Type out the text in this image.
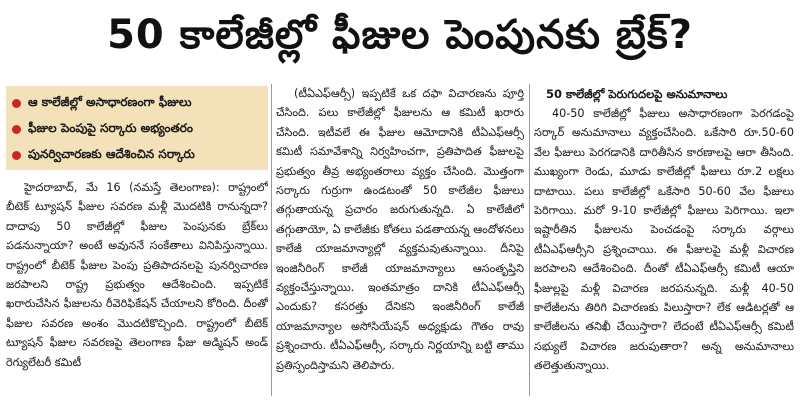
50 కాలేజీల్లో ఫీజుల పెంపునకు బ్రేక్?
ఆ కాలేజీల్లో అసాధారణంగా ఫీజులు
ఫీజుల పెంపుపై సర్కారు అభ్యంతరం
పునర్విచారణకు ఆదేశించిన సర్కారు

హైదరాబాద్, మే 16 (నమస్తే తెలంగాణ): రాష్ట్రంలో బీటెక్ ట్యూషన్ ఫీజుల సవరణ మళ్లీ మొదటికి రానున్నదా? దాదాపు 50 కాలేజీల్లో ఫీజుల పెంపునకు బ్రేక్‌లు పడనున్నాయా? అంటే అవుననే సంకేతాలు వినిపిస్తున్నాయి. రాష్ట్రంలో బీటెక్ ఫీజుల పెంపు ప్రతిపాదనలపై పునర్విచారణ జరపాలని రాష్ట్ర ప్రభుత్వం ఆదేశించింది. ఇప్పటికే ఖరారుచేసిన ఫీజులను రీవెరిఫికేషన్ చేయాలని కోరింది. దీంతో ఫీజుల సవరణ అంశం మొదటికొచ్చింది. రాష్ట్రంలో బీటెక్ ట్యూషన్ ఫీజుల సవరణపై తెలంగాణ ఫీజు అడ్మిషన్ అండ్ రెగ్యులేటరీ కమిటీ

(టీఏఎఫ్‌ఆర్సీ) ఇప్పటికే ఒక దఫా విచారణను పూర్తి చేసింది. పలు కాలేజీల్లో ఫీజులను ఆ కమిటీ ఖరారు చేసింది. ఇటీవలే ఈ ఫీజుల ఆమోదానికి టీఏఎఫ్‌ఆర్సీ కమిటీ సమావేశాన్ని నిర్వహించగా, ప్రతిపాదిత ఫీజులపై ప్రభుత్వం తీవ్ర అభ్యంతరాలు వ్యక్తం చేసింది. మొత్తంగా సర్కారు గుర్రుగా ఉండటంతో 50 కాలేజీల ఫీజులు తగ్గుతాయన్న ప్రచారం జరుగుతున్నది. ఏ కాలేజీలో తగ్గుతాయో, ఏ కాలేజీకు కోతలు పడతాయన్న ఆందోళనలు కాలేజీ యాజమాన్యాల్లో వ్యక్తమవుతున్నాయి. దీనిపై ఇంజినీరింగ్ కాలేజీ యాజమాన్యాలు ఆసంతృప్తిని వ్యక్తంచేస్తున్నాయి. ఇంతమాత్రం దానికి టీఏఎఫ్‌ఆర్సీ ఎందుకు? కసరత్తు దేనికని ఇంజినీరింగ్ కాలేజీ యాజమాన్యాల అసోసియేషన్ అధ్యక్షుడు గౌతం రావు ప్రశ్నించారు. టీఏఎఫ్‌ఆర్సీ, సర్కారు నిర్ణయాన్ని బట్టి తాము ప్రతిస్పందిస్తామని తెలిపారు.

50 కాలేజీల్లో పెరుగుదలపై అనుమానాలు

40-50 కాలేజీల్లో ఫీజులు అసాధారణంగా పెరగడంపై సర్కార్ అనుమానాలు వ్యక్తంచేసింది. ఒకేసారి రూ.50-60 వేల ఫీజులు పెరగడానికి దారితీసిన కారణాలపై ఆరా తీసింది. ముఖ్యంగా రెండు, మూడు కాలేజీల్లో ఫీజులు రూ.2 లక్షలు దాటాయి. పలు కాలేజీల్లో ఒకేసారి 50-60 వేల ఫీజులు పెరిగాయి. మరో 9-10 కాలేజీల్లో ఫీజులు పెరిగాయి. ఇలా ఇష్టారీతిన ఫీజులను పెంచడంపై సర్కారు వర్గాలు టీఏఎఫ్‌ఆర్సీని ప్రశ్నించాయి. ఈ ఫీజులపై మళ్లీ విచారణ జరపాలని ఆదేశించింది. దీంతో టీఏఎఫ్‌ఆర్సీ కమిటీ ఆయా ఫీజుల్లపై మళ్లీ విచారణ జరపనున్నది. మళ్లీ 40-50 కాలేజీలను తిరిగి విచారణకు పిలుస్తారా? లేక ఆడిటర్లతో ఆ కాలేజీలను తనిఖీ చేయిస్తారా? లేదంటే టీఏఎఫ్‌ఆర్సీ కమిటీ సభ్యులే విచారణ జరుపుతారా? అన్న అనుమానాలు తలెత్తుతున్నాయి.
